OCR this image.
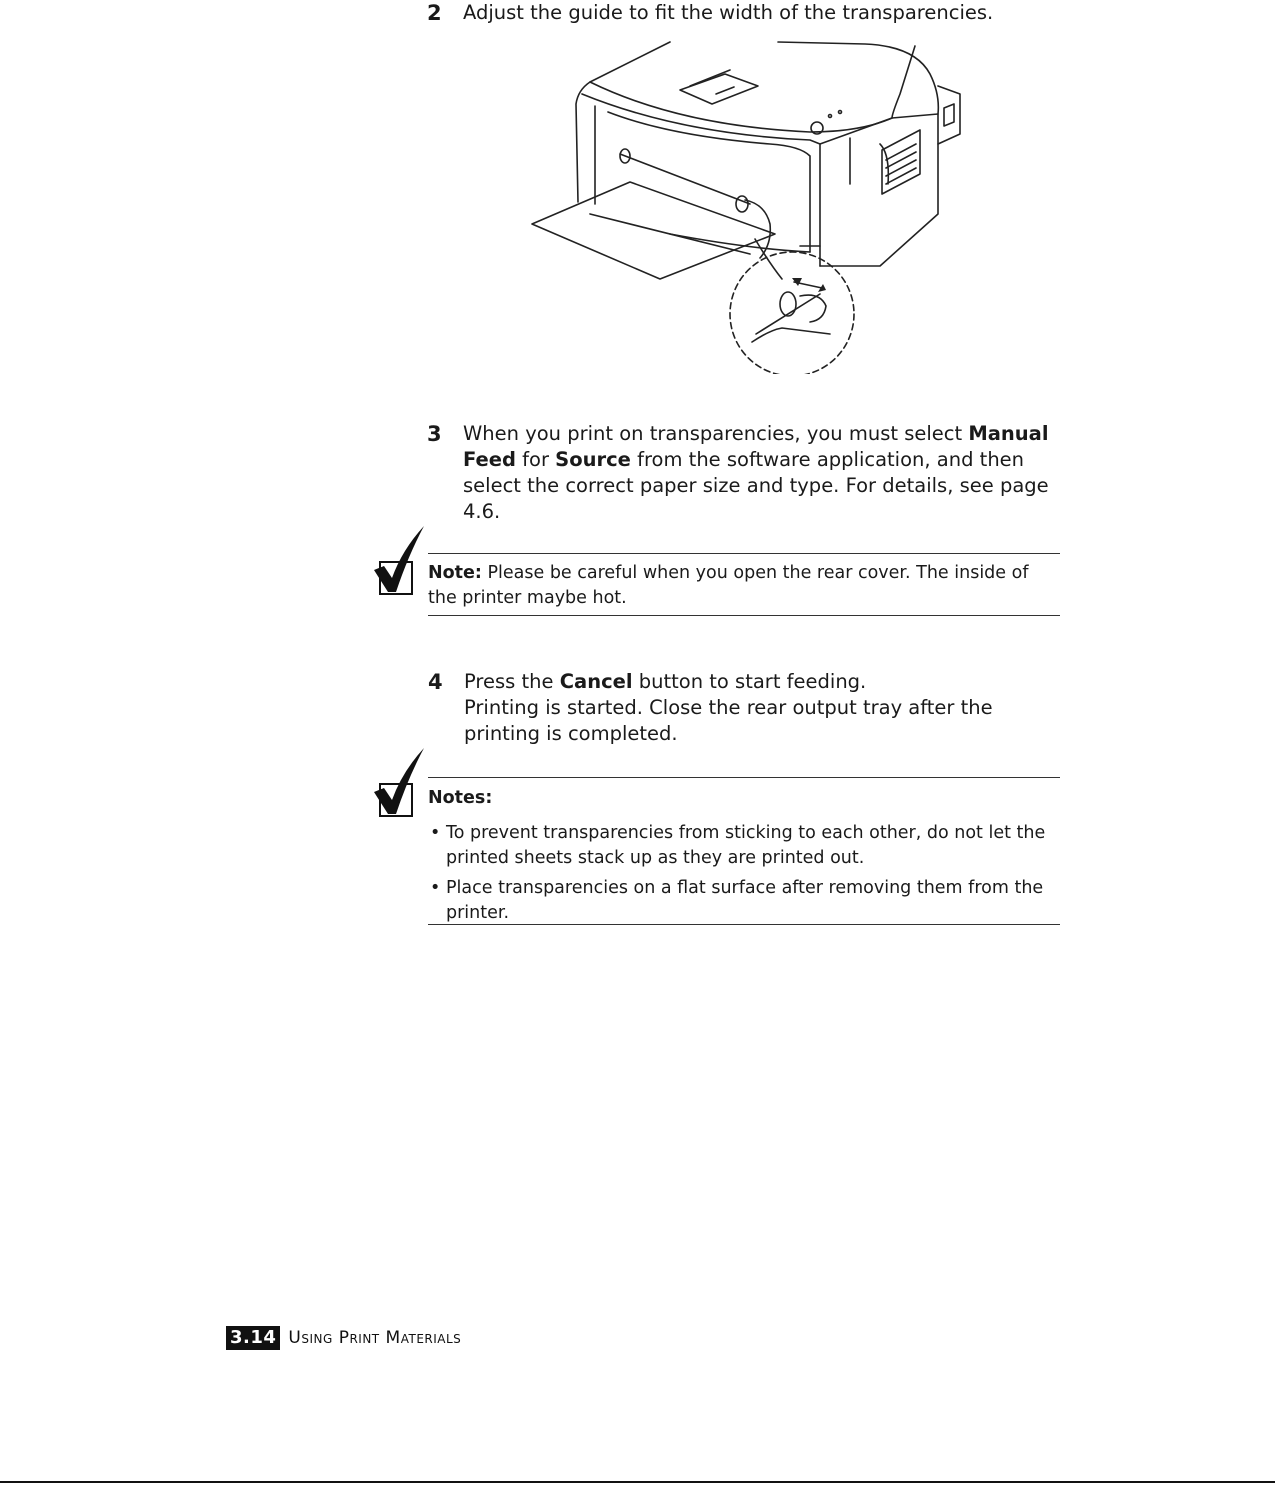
2 Adjust the guide to fit the width of the transparencies.
3 When you print on transparencies, you must select Manual Feed for Source from the software application, and then select the correct paper size and type. For details, see page 4.6.
Note: Please be careful when you open the rear cover. The inside of the printer maybe hot.
4 Press the Cancel button to start feeding.
Printing is started. Close the rear output tray after the printing is completed.
Notes:
• To prevent transparencies from sticking to each other, do not let the printed sheets stack up as they are printed out.
• Place transparencies on a flat surface after removing them from the printer.
3.14 Using Print Materials
